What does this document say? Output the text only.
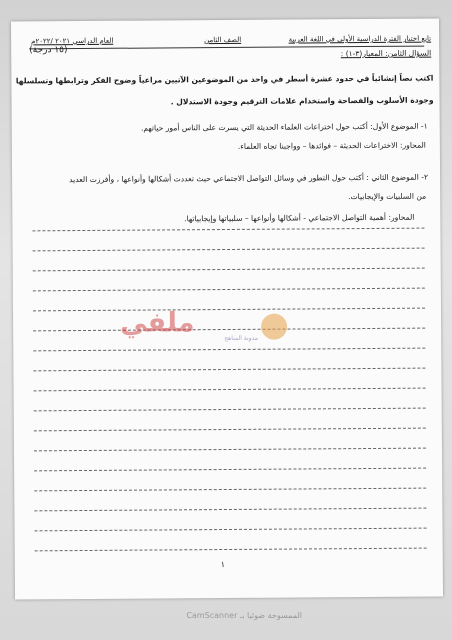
تابع اختبار الفترة الدراسية الأولى في اللغة العربية
الصف الثامن
العام الدراسي ٢٠٢١ /٢٠٢٢م
السؤال الثامن: المعيار(٣-١) :
(١٥ درجة)
اكتب نصاً إنشائياً في حدود عشرة أسطر في واحد من الموضوعين الآتيين مراعياً وضوح الفكر وترابطها وتسلسلها
وجودة الأسلوب والفصاحة واستخدام علامات الترقيم وجودة الاستدلال .
١- الموضوع الأول: أكتب حول اختراعات العلماء الحديثة التي يسرت على الناس أمور حياتهم.
المحاور: الاختراعات الحديثة – فوائدها – وواجبنا تجاه العلماء.
٢- الموضوع الثاني : أكتب حول التطور في وسائل التواصل الاجتماعي حيث تعددت أشكالها وأنواعها ، وأفرزت العديد
من السلبيات والإيجابيات.
المحاور: أهمية التواصل الاجتماعي - أشكالها وأنواعها – سلبياتها وإيجابياتها.
ملفي	مدونة المناهج
١
الممسوحة ضوئيا بـ CamScanner
